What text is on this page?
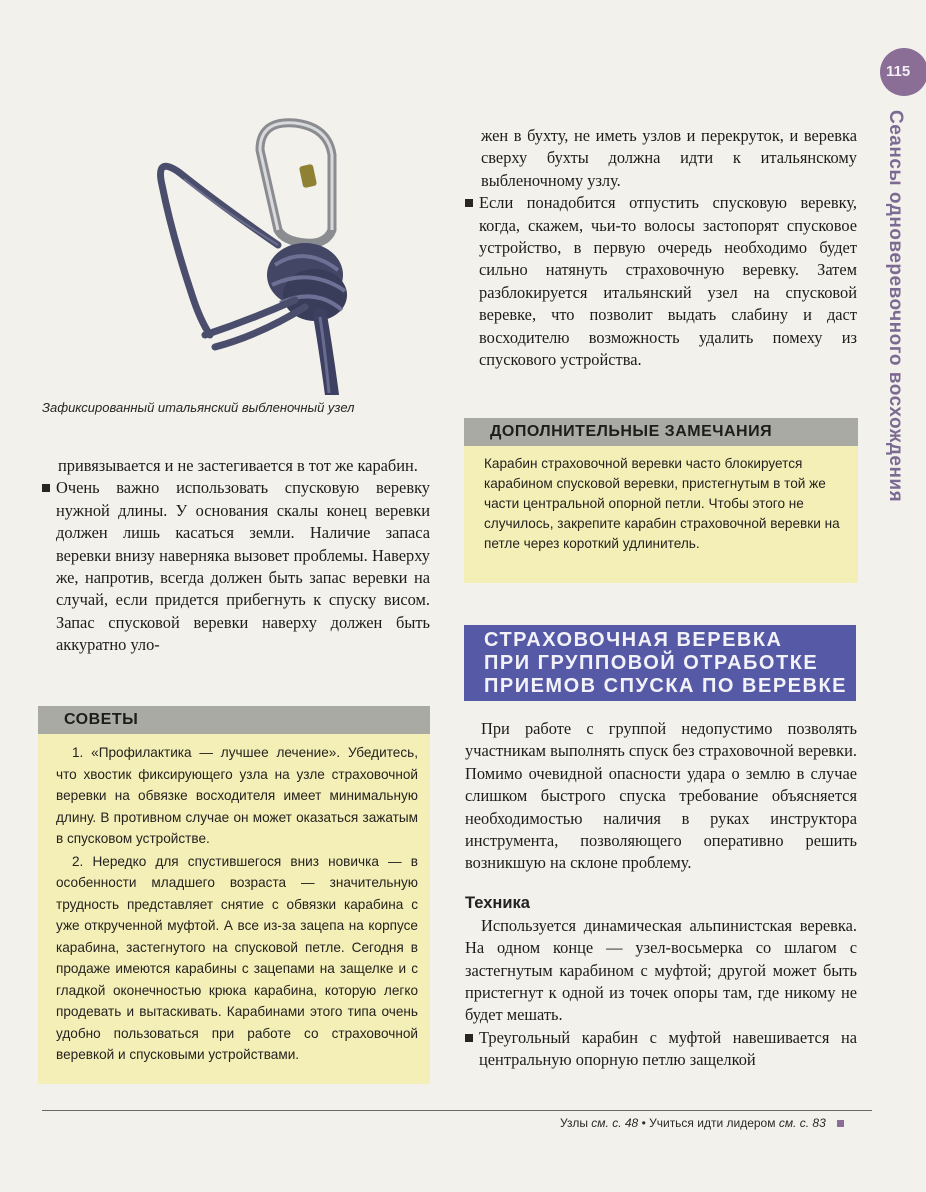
Зафиксированный итальянский выбленочный узел

привязывается и не застегивается в тот же карабин.

Очень важно использовать спусковую веревку нужной длины. У основания скалы конец веревки должен лишь касаться земли. Наличие запаса веревки внизу наверняка вызовет проблемы. Наверху же, напротив, всегда должен быть запас веревки на случай, если придется прибегнуть к спуску висом. Запас спусковой веревки наверху должен быть аккуратно уло-

СОВЕТЫ

1. «Профилактика — лучшее лечение». Убедитесь, что хвостик фиксирующего узла на узле страховочной веревки на обвязке восходителя имеет минимальную длину. В противном случае он может оказаться зажатым в спусковом устройстве.

2. Нередко для спустившегося вниз новичка — в особенности младшего возраста — значительную трудность представляет снятие с обвязки карабина с уже открученной муфтой. А все из-за зацепа на корпусе карабина, застегнутого на спусковой петле. Сегодня в продаже имеются карабины с зацепами на защелке и с гладкой оконечностью крюка карабина, которую легко продевать и вытаскивать. Карабинами этого типа очень удобно пользоваться при работе со страховочной веревкой и спусковыми устройствами.

жен в бухту, не иметь узлов и перекруток, и веревка сверху бухты должна идти к итальянскому выбленочному узлу.

Если понадобится отпустить спусковую веревку, когда, скажем, чьи-то волосы застопорят спусковое устройство, в первую очередь необходимо будет сильно натянуть страховочную веревку. Затем разблокируется итальянский узел на спусковой веревке, что позволит выдать слабину и даст восходителю возможность удалить помеху из спускового устройства.

ДОПОЛНИТЕЛЬНЫЕ ЗАМЕЧАНИЯ
Карабин страховочной веревки часто блокируется карабином спусковой веревки, пристегнутым в той же части центральной опорной петли. Чтобы этого не случилось, закрепите карабин страховочной веревки на петле через короткий удлинитель.
СТРАХОВОЧНАЯ ВЕРЕВКА
ПРИ ГРУППОВОЙ ОТРАБОТКЕ
ПРИЕМОВ СПУСКА ПО ВЕРЕВКЕ

При работе с группой недопустимо позволять участникам выполнять спуск без страховочной веревки. Помимо очевидной опасности удара о землю в случае слишком быстрого спуска требование объясняется необходимостью наличия в руках инструктора инструмента, позволяющего оперативно решить возникшую на склоне проблему.

Техника

Используется динамическая альпинистская веревка. На одном конце — узел-восьмерка со шлагом с застегнутым карабином с муфтой; другой может быть пристегнут к одной из точек опоры там, где никому не будет мешать.

Треугольный карабин с муфтой навешивается на центральную опорную петлю защелкой

115
Сеансы одноверевочного восхождения
Узлы см. с. 48 • Учиться идти лидером см. с. 83
